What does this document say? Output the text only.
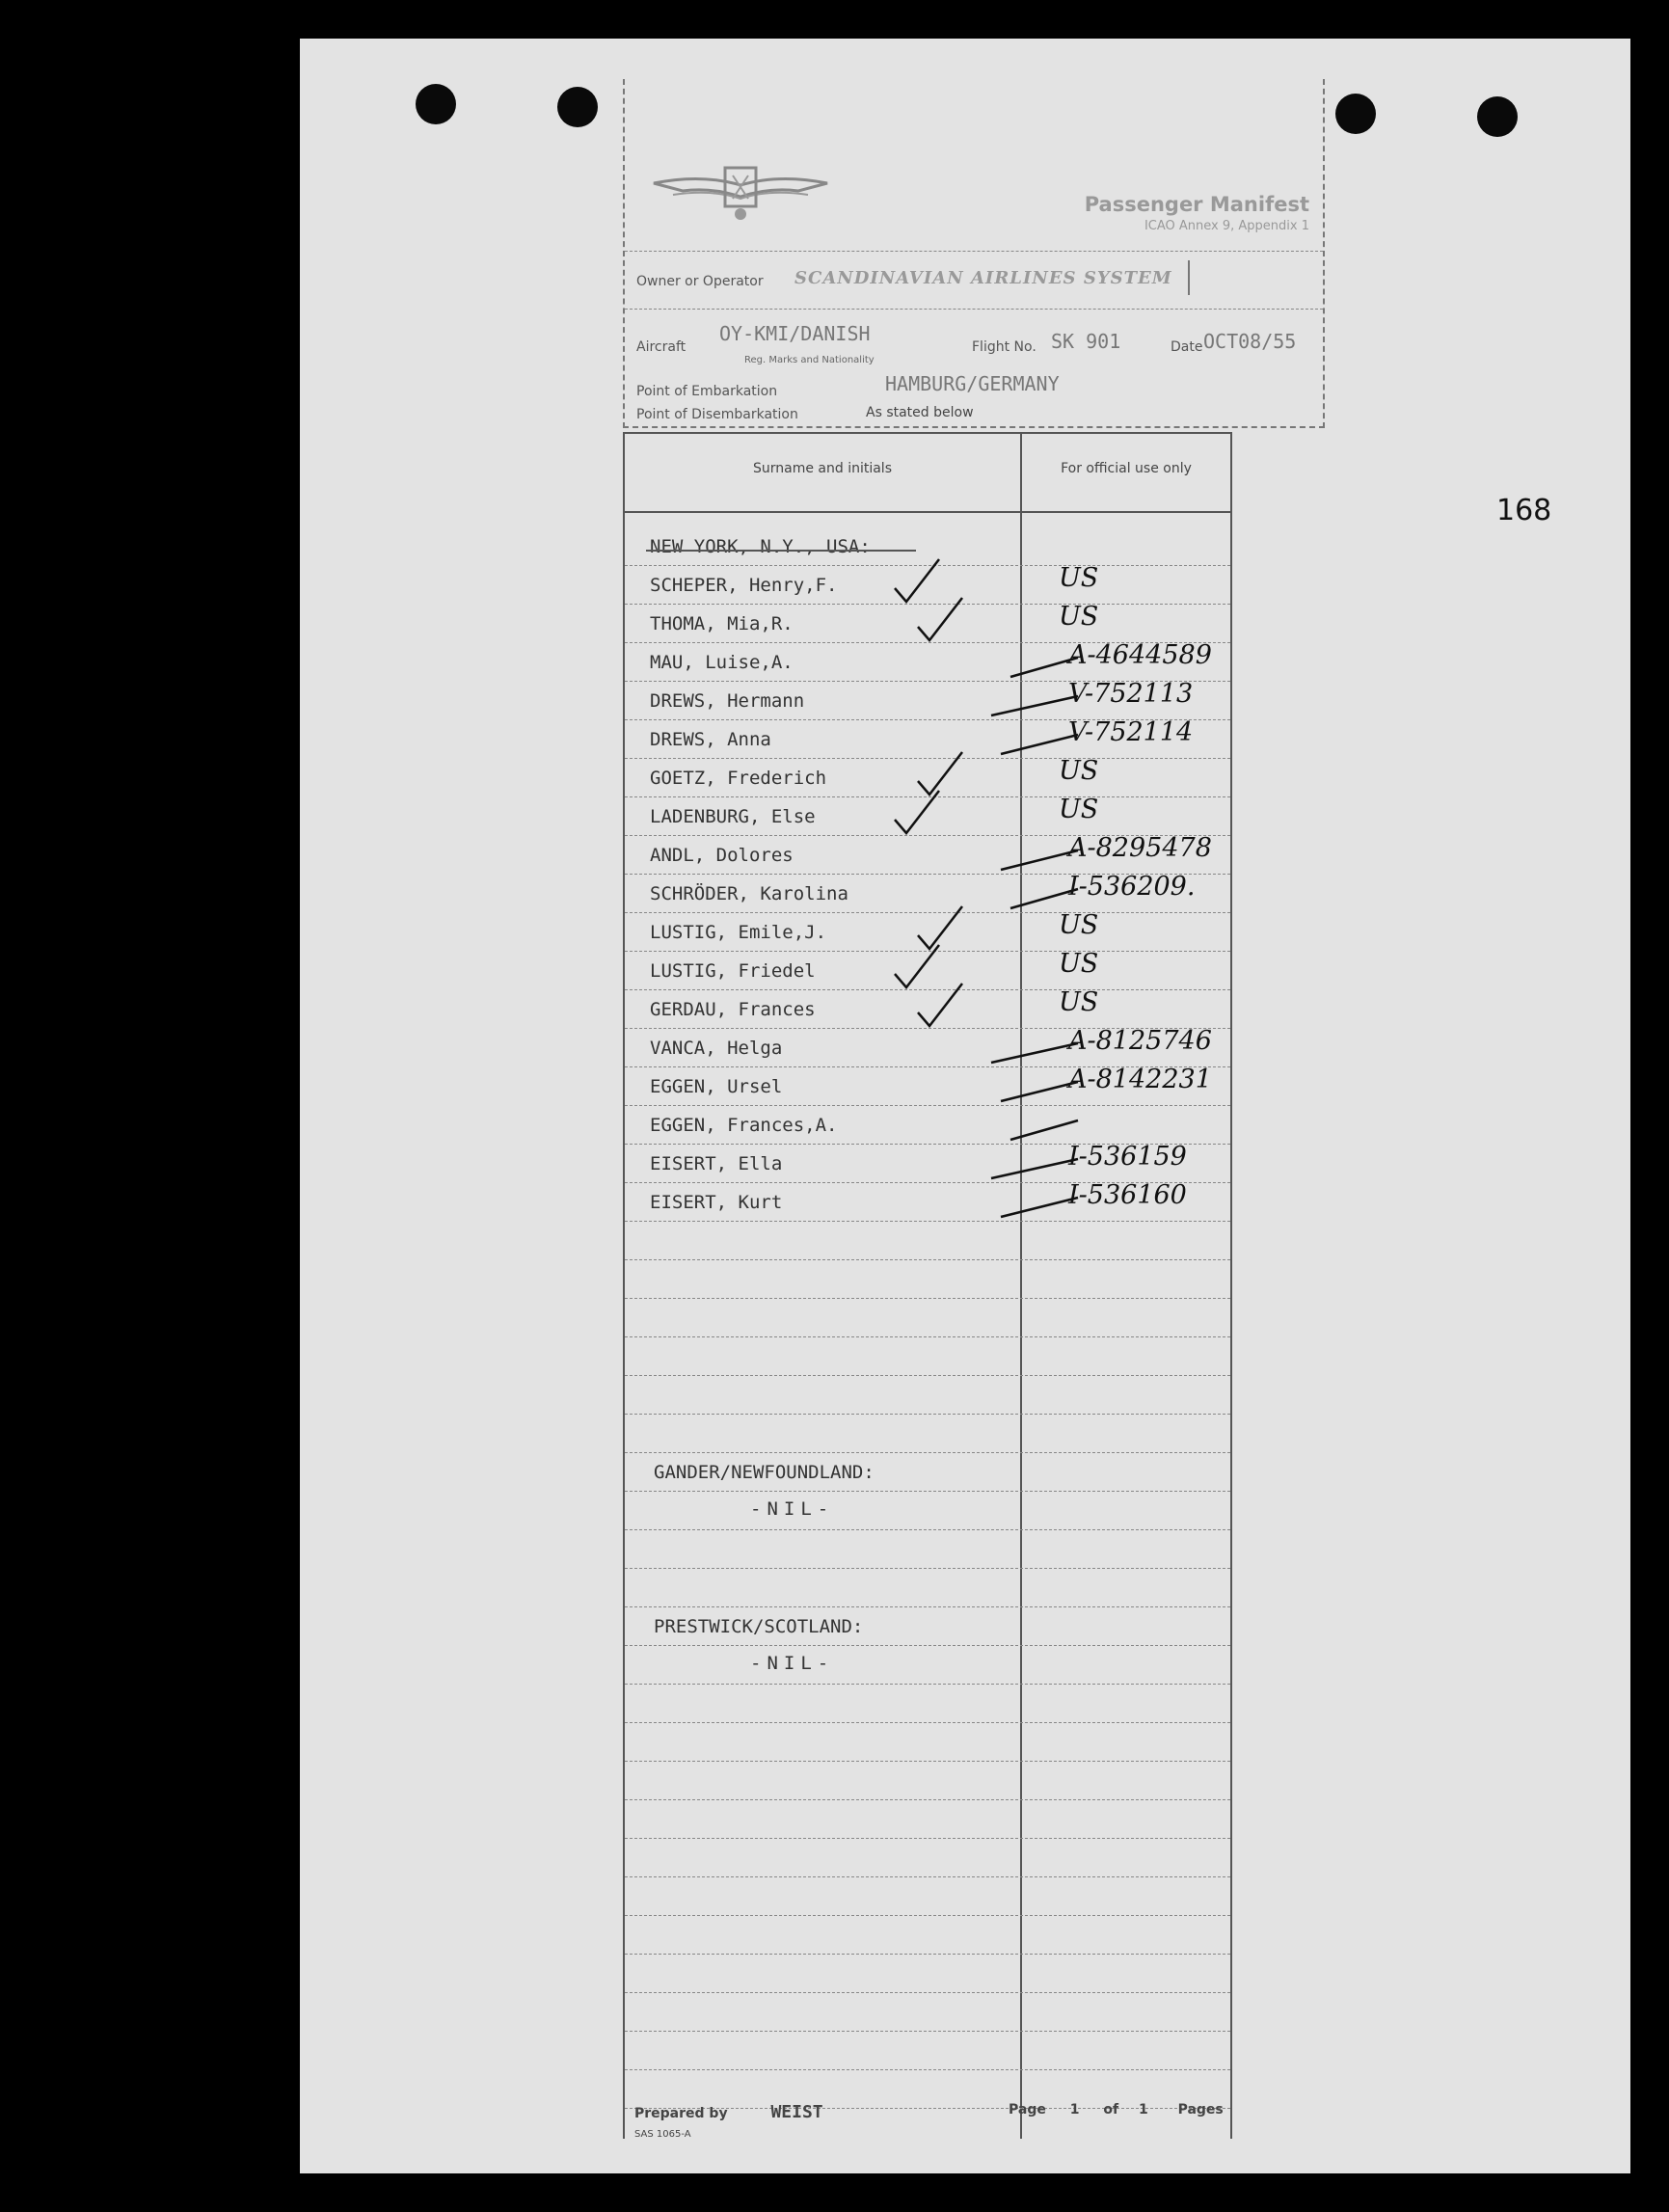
168
Passenger Manifest
ICAO Annex 9, Appendix 1
Owner or Operator SCANDINAVIAN AIRLINES SYSTEM
Aircraft
OY-KMI/DANISH
Reg. Marks and Nationality
Flight No. SK 901	Date OCT08/55
Point of Embarkation	HAMBURG/GERMANY
Point of Disembarkation	As stated below
Surname and initials	For official use only
NEW YORK, N.Y., USA:
SCHEPER, Henry,F.	US
THOMA, Mia,R.	US
MAU, Luise,A.	A-4644589
DREWS, Hermann	V-752113
DREWS, Anna	V-752114
GOETZ, Frederich	US
LADENBURG, Else	US
ANDL, Dolores	A-8295478
SCHRÖDER, Karolina	I-536209.
LUSTIG, Emile,J.	US
LUSTIG, Friedel	US
GERDAU, Frances	US
VANCA, Helga	A-8125746
EGGEN, Ursel	A-8142231
EGGEN, Frances,A.
EISERT, Ella	I-536159
EISERT, Kurt	I-536160
GANDER/NEWFOUNDLAND:
-NIL-
PRESTWICK/SCOTLAND:
-NIL-
Prepared by WEIST	Page 1 of 1 Pages
SAS 1065-A
